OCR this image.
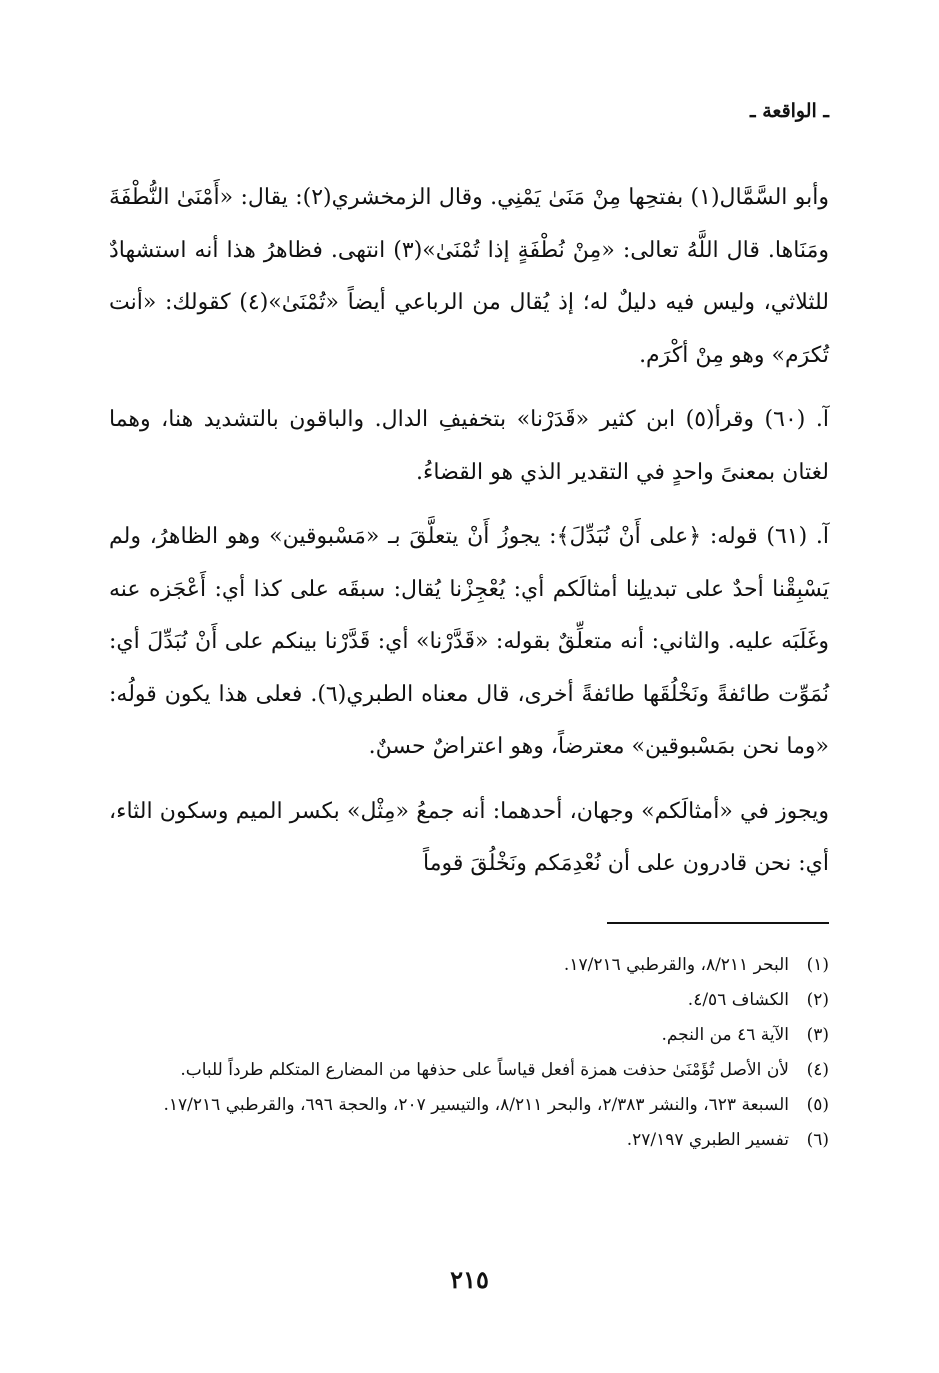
ـ الواقعة ـ

وأبو السَّمَّال(١) بفتحِها مِنْ مَنَىٰ يَمْنِي. وقال الزمخشري(٢): يقال: «أَمْنَىٰ النُّطْفَةَ ومَنَاها. قال اللَّهُ تعالى: «مِنْ نُطْفَةٍ إذا تُمْنَىٰ»(٣) انتهى. فظاهرُ هذا أنه استشهادٌ للثلاثي، وليس فيه دليلٌ له؛ إذ يُقال من الرباعي أيضاً «تُمْنَىٰ»(٤) كقولك: «أنت تُكرَم» وهو مِنْ أكْرَم.

آ. (٦٠) وقرأ(٥) ابن كثير «قَدَرْنا» بتخفيفِ الدال. والباقون بالتشديد هنا، وهما لغتان بمعنىً واحدٍ في التقدير الذي هو القضاءُ.

آ. (٦١) قوله: ﴿على أَنْ نُبَدِّلَ﴾: يجوزُ أَنْ يتعلَّقَ بـ «مَسْبوقين» وهو الظاهرُ، ولم يَسْبِقْنا أحدٌ على تبديلِنا أمثالَكم أي: يُعْجِزْنا يُقال: سبقَه على كذا أي: أَعْجَزه عنه وغَلَبَه عليه. والثاني: أنه متعلِّقٌ بقوله: «قَدَّرْنا» أي: قَدَّرْنا بينكم على أَنْ نُبَدِّلَ أي: نُمَوِّت طائفةً ونَخْلُقَها طائفةً أخرى، قال معناه الطبري(٦). فعلى هذا يكون قولُه: «وما نحن بمَسْبوقين» معترضاً، وهو اعتراضٌ حسنٌ.

ويجوز في «أمثالَكم» وجهان، أحدهما: أنه جمعُ «مِثْل» بكسر الميم وسكون الثاء، أي: نحن قادرون على أن نُعْدِمَكم ونَخْلُقَ قوماً

(١)
البحر ٨/٢١١، والقرطبي ١٧/٢١٦.
(٢)
الكشاف ٤/٥٦.
(٣)
الآية ٤٦ من النجم.
(٤)
لأن الأصل تُؤَمْنَىٰ حذفت همزة أفعل قياساً على حذفها من المضارع المتكلم طرداً للباب.
(٥)
السبعة ٦٢٣، والنشر ٢/٣٨٣، والبحر ٨/٢١١، والتيسير ٢٠٧، والحجة ٦٩٦، والقرطبي ١٧/٢١٦.
(٦)
تفسير الطبري ٢٧/١٩٧.
٢١٥
